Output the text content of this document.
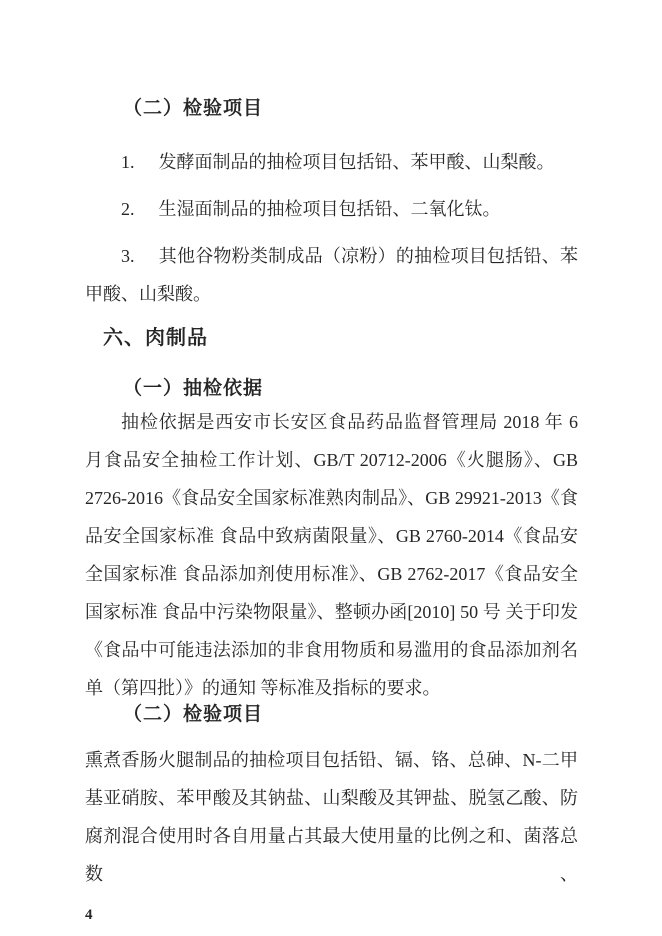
（二）检验项目

1. 发酵面制品的抽检项目包括铅、苯甲酸、山梨酸。

2. 生湿面制品的抽检项目包括铅、二氧化钛。

3. 其他谷物粉类制成品（凉粉）的抽检项目包括铅、苯甲酸、山梨酸。

六、肉制品
（一）抽检依据

抽检依据是西安市长安区食品药品监督管理局 2018 年 6 月食品安全抽检工作计划、GB/T 20712-2006《火腿肠》、GB 2726-2016《食品安全国家标准熟肉制品》、GB 29921-2013《食品安全国家标准 食品中致病菌限量》、GB 2760-2014《食品安全国家标准 食品添加剂使用标准》、GB 2762-2017《食品安全国家标准 食品中污染物限量》、整顿办函[2010] 50 号 关于印发《食品中可能违法添加的非食用物质和易滥用的食品添加剂名单（第四批）》的通知 等标准及指标的要求。

（二）检验项目

熏煮香肠火腿制品的抽检项目包括铅、镉、铬、总砷、N-二甲基亚硝胺、苯甲酸及其钠盐、山梨酸及其钾盐、脱氢乙酸、防腐剂混合使用时各自用量占其最大使用量的比例之和、菌落总数、

4
